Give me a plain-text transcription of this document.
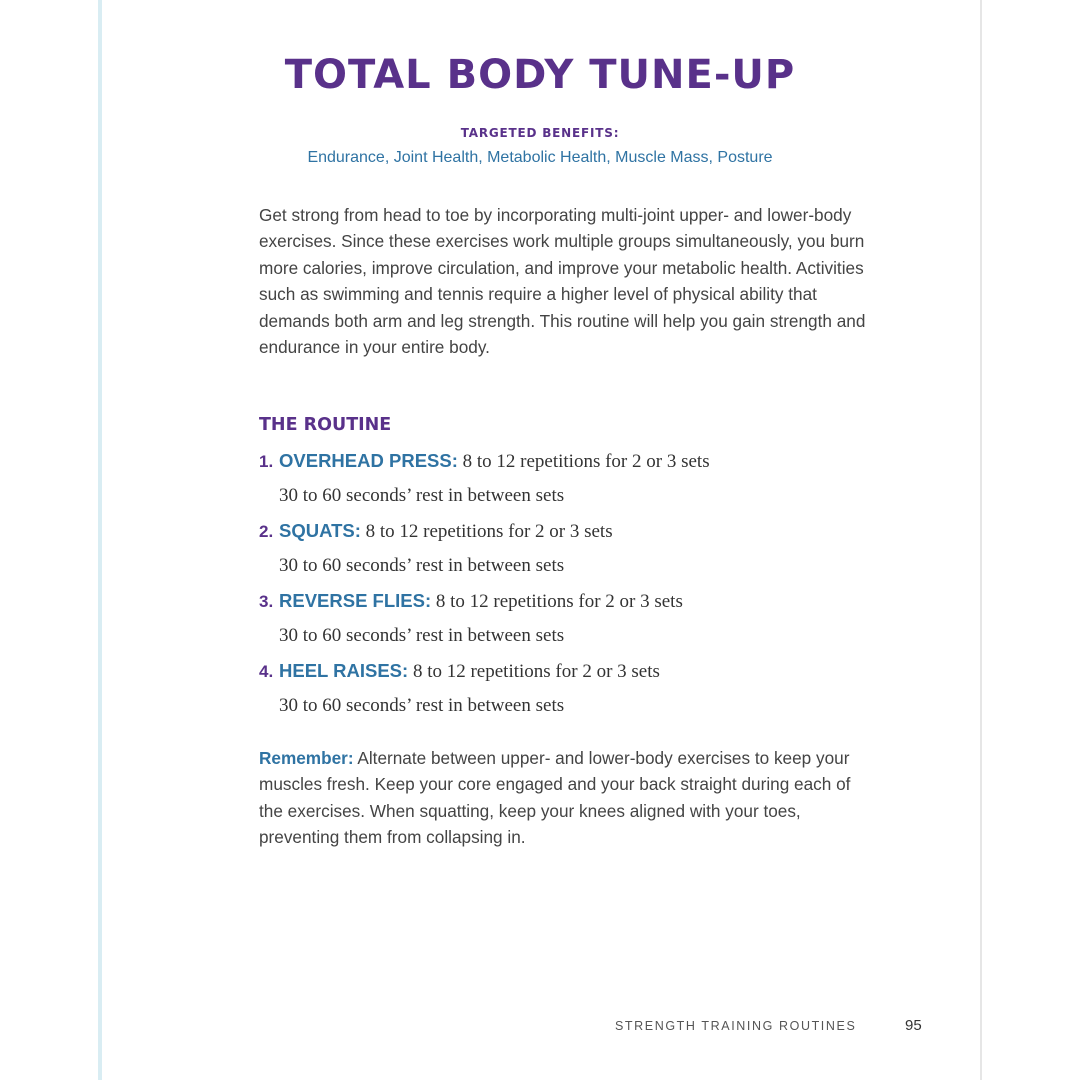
TOTAL BODY TUNE-UP
TARGETED BENEFITS:
Endurance, Joint Health, Metabolic Health, Muscle Mass, Posture

Get strong from head to toe by incorporating multi-joint upper- and lower-body exercises. Since these exercises work multiple groups simultaneously, you burn more calories, improve circulation, and improve your metabolic health. Activities such as swimming and tennis require a higher level of physical ability that demands both arm and leg strength. This routine will help you gain strength and endurance in your entire body.

THE ROUTINE
1. OVERHEAD PRESS: 8 to 12 repetitions for 2 or 3 sets
30 to 60 seconds’ rest in between sets
2. SQUATS: 8 to 12 repetitions for 2 or 3 sets
30 to 60 seconds’ rest in between sets
3. REVERSE FLIES: 8 to 12 repetitions for 2 or 3 sets
30 to 60 seconds’ rest in between sets
4. HEEL RAISES: 8 to 12 repetitions for 2 or 3 sets
30 to 60 seconds’ rest in between sets

Remember: Alternate between upper- and lower-body exercises to keep your muscles fresh. Keep your core engaged and your back straight during each of the exercises. When squatting, keep your knees aligned with your toes, preventing them from collapsing in.

STRENGTH TRAINING ROUTINES	95
